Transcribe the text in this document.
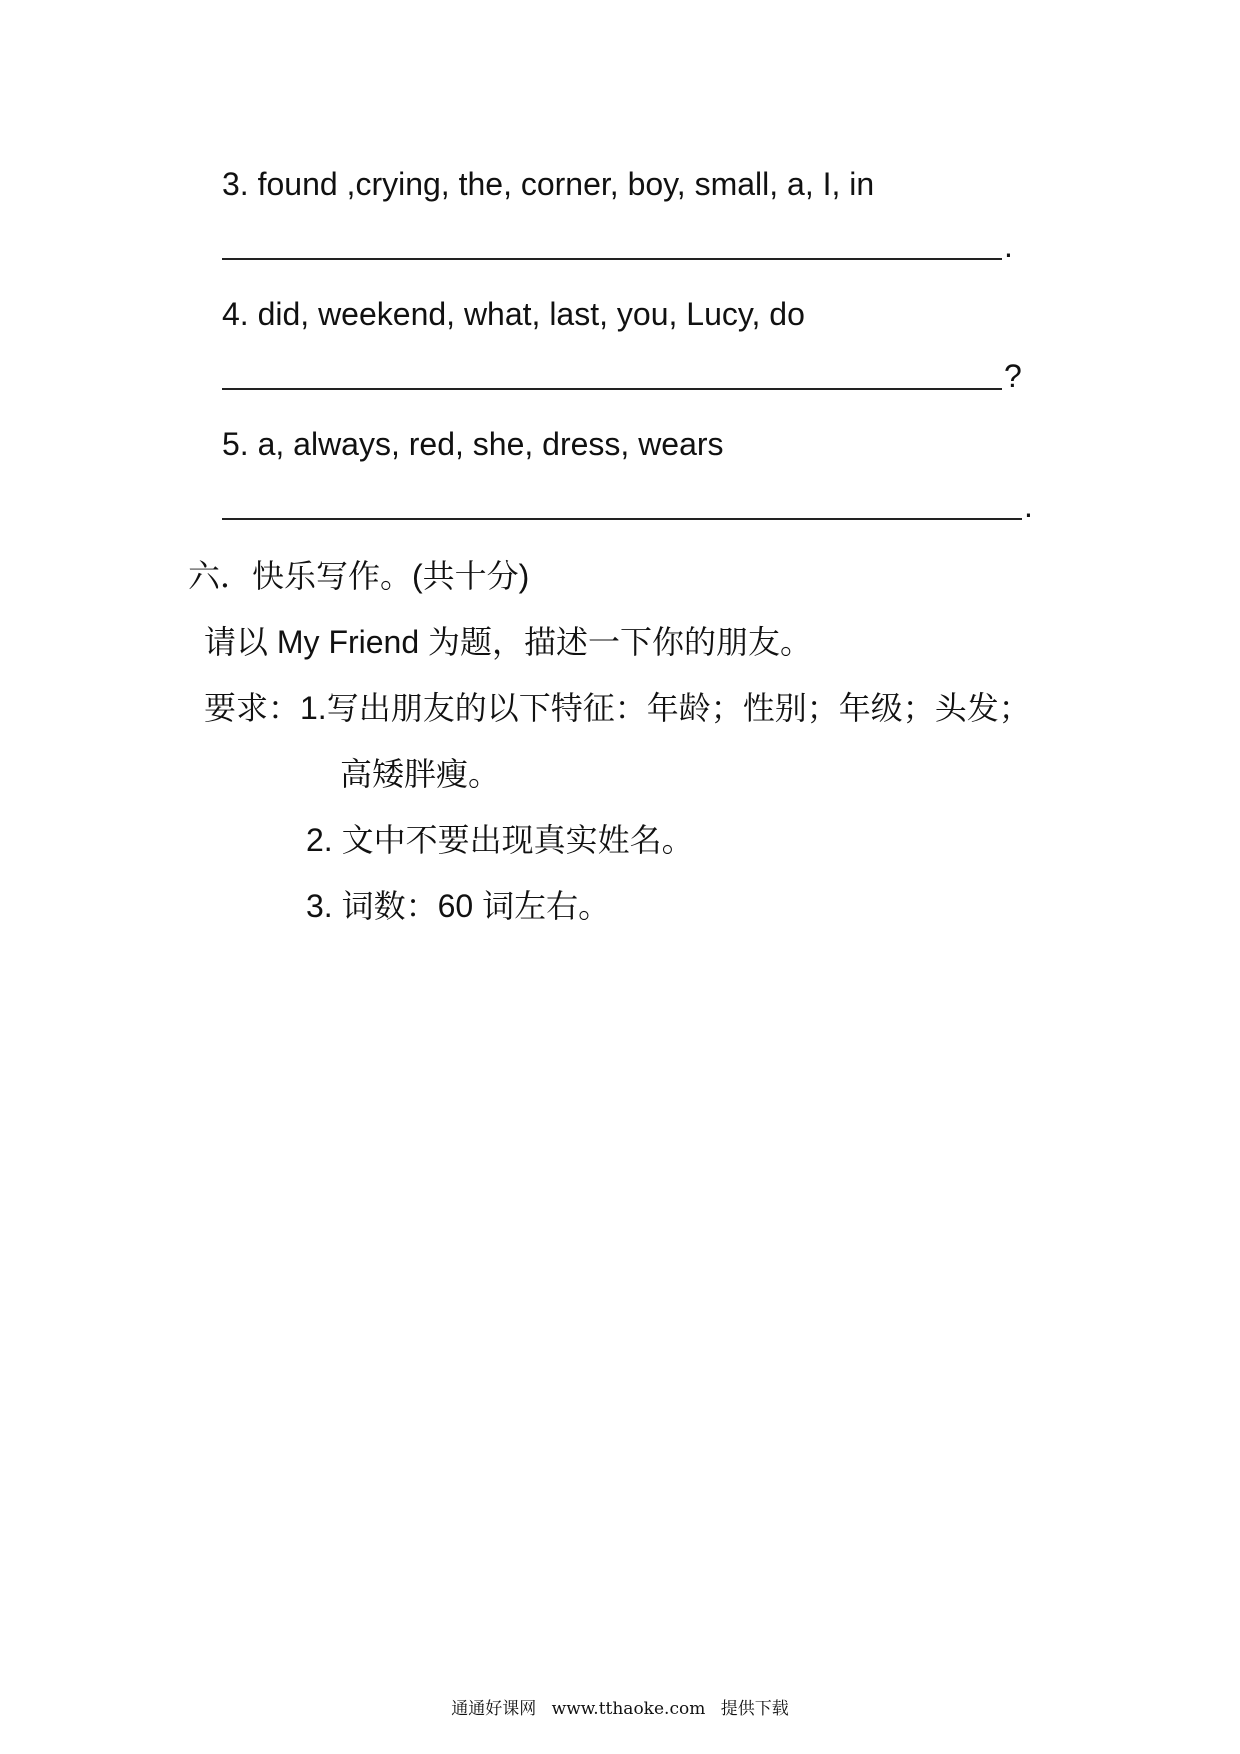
3. found ,crying, the, corner, boy, small, a, I, in
.
4. did, weekend, what, last, you, Lucy, do
?
5. a, always, red, she, dress, wears
.
六．快乐写作。(共十分)
请以 My Friend 为题，描述一下你的朋友。
要求：1.写出朋友的以下特征：年龄；性别；年级；头发；
高矮胖瘦。
2. 文中不要出现真实姓名。
3. 词数：60 词左右。
通通好课网 www.tthaoke.com 提供下载
